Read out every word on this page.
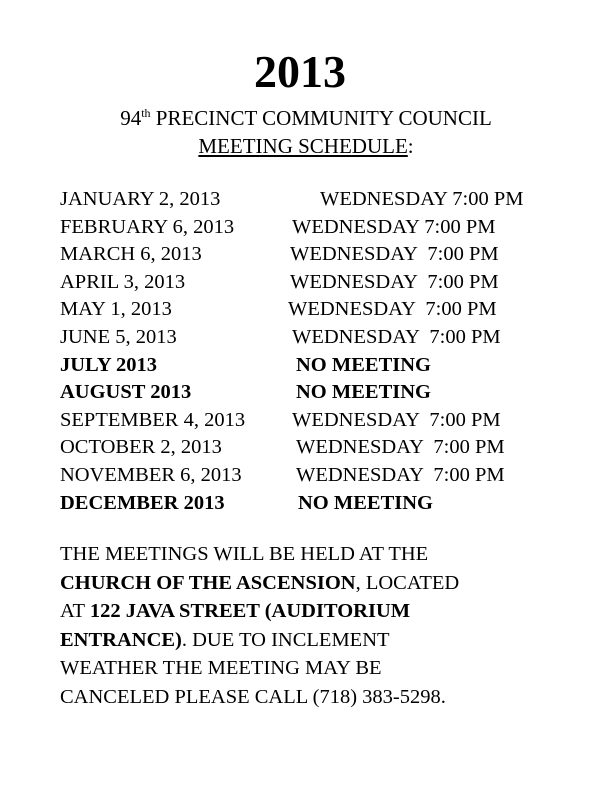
2013
94th PRECINCT COMMUNITY COUNCIL
MEETING SCHEDULE:
JANUARY 2, 2013	WEDNESDAY 7:00 PM
FEBRUARY 6, 2013	WEDNESDAY 7:00 PM
MARCH 6, 2013	WEDNESDAY  7:00 PM
APRIL 3, 2013	WEDNESDAY  7:00 PM
MAY 1, 2013	WEDNESDAY  7:00 PM
JUNE 5, 2013	WEDNESDAY  7:00 PM
JULY 2013	NO MEETING
AUGUST 2013	NO MEETING
SEPTEMBER 4, 2013 WEDNESDAY  7:00 PM
OCTOBER 2, 2013	WEDNESDAY  7:00 PM
NOVEMBER 6, 2013	WEDNESDAY  7:00 PM
DECEMBER 2013	NO MEETING
THE MEETINGS WILL BE HELD AT THE
CHURCH OF THE ASCENSION, LOCATED
AT 122 JAVA STREET (AUDITORIUM
ENTRANCE). DUE TO INCLEMENT
WEATHER THE MEETING MAY BE
CANCELED PLEASE CALL (718) 383-5298.
